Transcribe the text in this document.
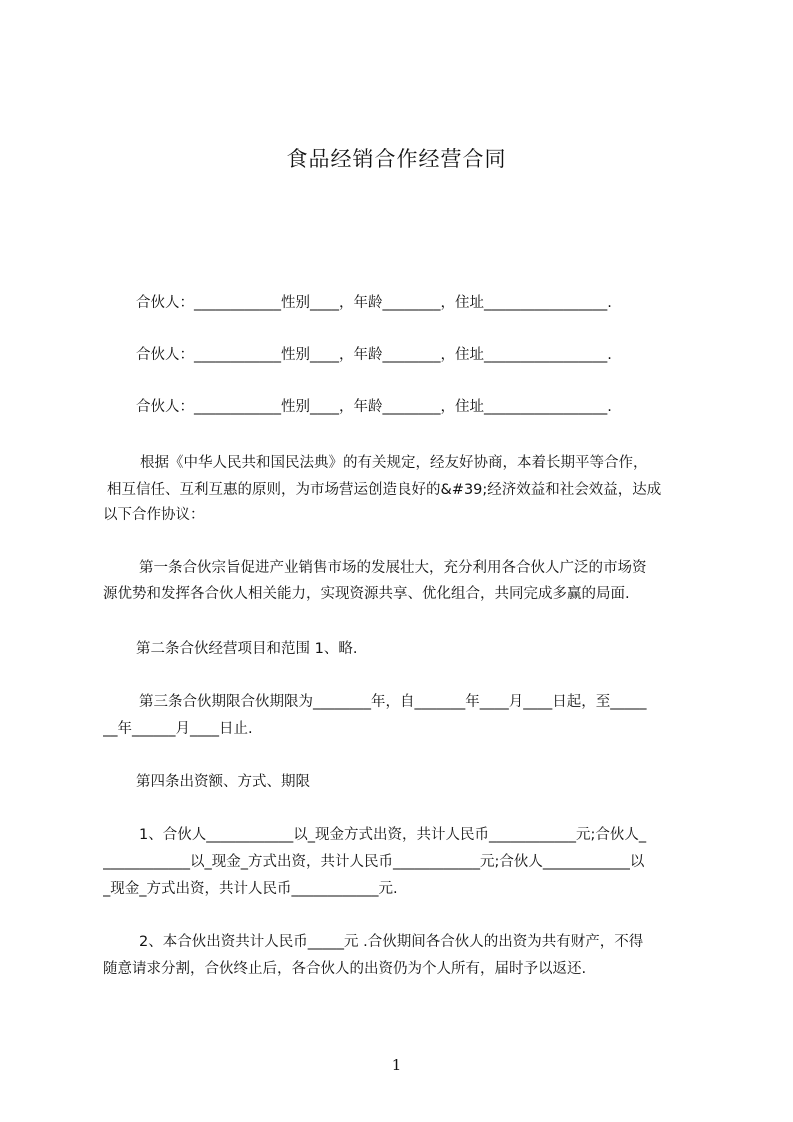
食品经销合作经营合同
合伙人：____________性别____，年龄________，住址_________________.
合伙人：____________性别____，年龄________，住址_________________.
合伙人：____________性别____，年龄________，住址_________________.
根据《中华人民共和国民法典》的有关规定，经友好协商，本着长期平等合作，
相互信任、互利互惠的原则，为市场营运创造良好的&#39;经济效益和社会效益，达成
以下合作协议：
第一条合伙宗旨促进产业销售市场的发展壮大，充分利用各合伙人广泛的市场资
源优势和发挥各合伙人相关能力，实现资源共享、优化组合，共同完成多赢的局面.
第二条合伙经营项目和范围 1、略.
第三条合伙期限合伙期限为________年，自_______年____月____日起，至_____
__年______月____日止.
第四条出资额、方式、期限
1、合伙人____________以_现金方式出资，共计人民币____________元;合伙人_
____________以_现金_方式出资，共计人民币____________元;合伙人____________以
_现金_方式出资，共计人民币____________元.
2、本合伙出资共计人民币_____元 .合伙期间各合伙人的出资为共有财产，不得
随意请求分割，合伙终止后，各合伙人的出资仍为个人所有，届时予以返还.
1
